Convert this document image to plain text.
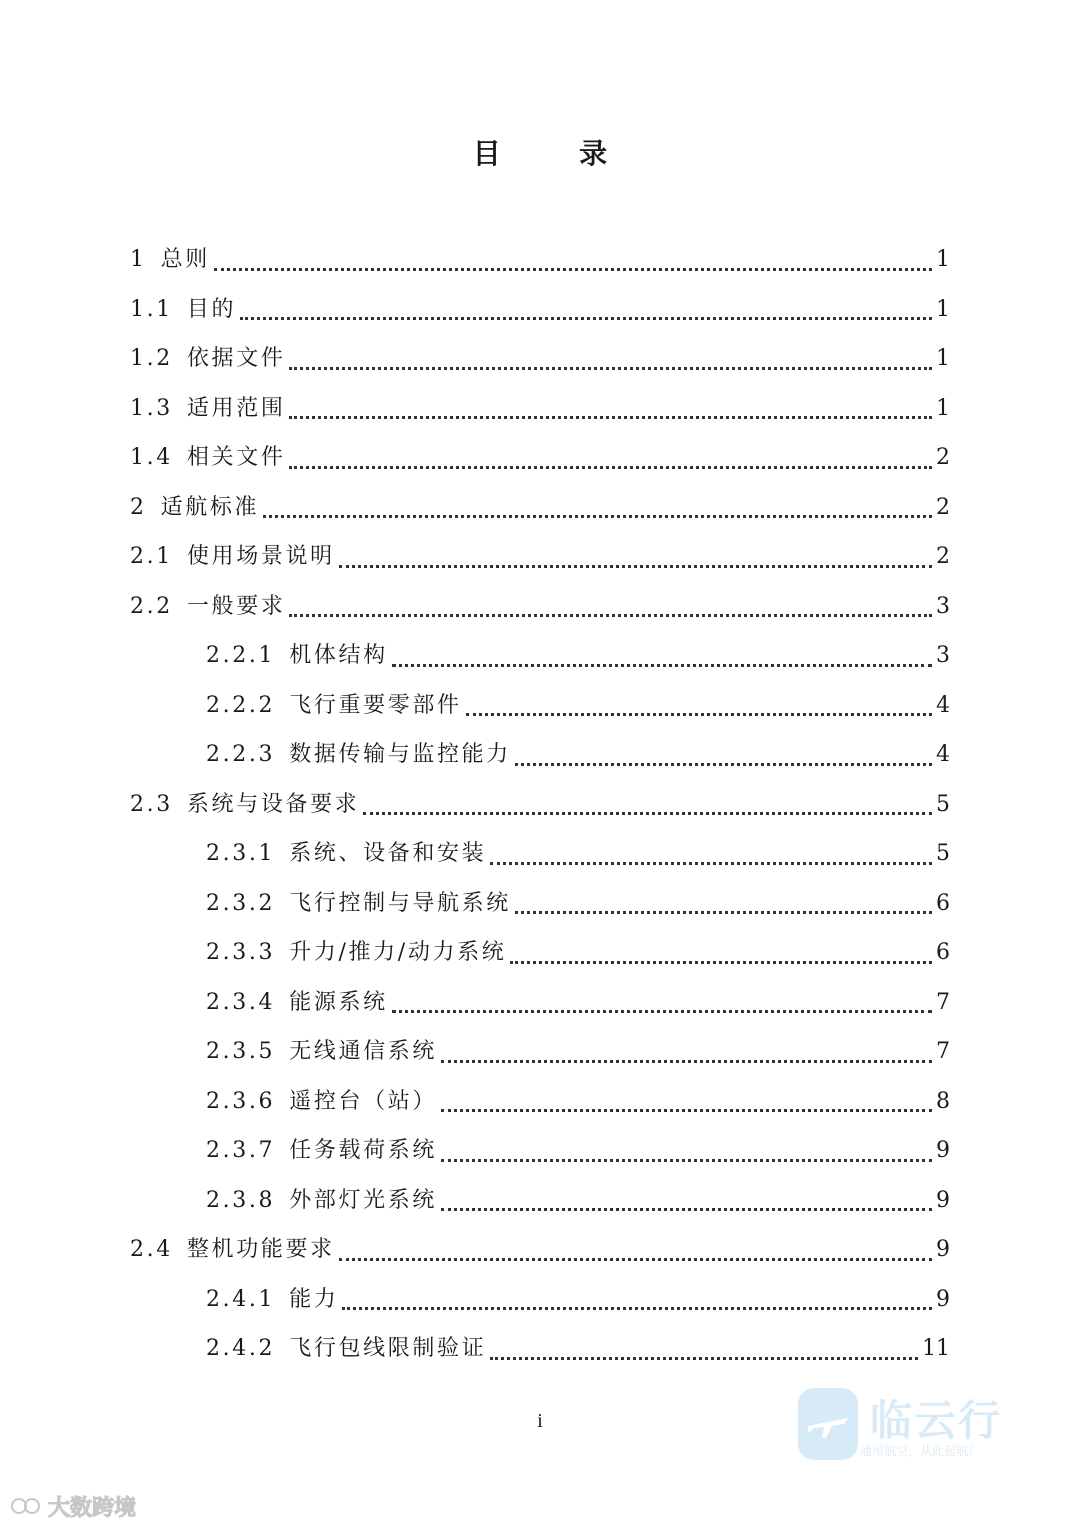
目　录
1 总则	1
1.1 目的	1
1.2 依据文件	1
1.3 适用范围	1
1.4 相关文件	2
2 适航标准	2
2.1 使用场景说明	2
2.2 一般要求	3
2.2.1 机体结构	3
2.2.2 飞行重要零部件	4
2.2.3 数据传输与监控能力	4
2.3 系统与设备要求	5
2.3.1 系统、设备和安装	5
2.3.2 飞行控制与导航系统	6
2.3.3 升力/推力/动力系统	6
2.3.4 能源系统	7
2.3.5 无线通信系统	7
2.3.6 遥控台（站）	8
2.3.7 任务载荷系统	9
2.3.8 外部灯光系统	9
2.4 整机功能要求	9
2.4.1 能力	9
2.4.2 飞行包线限制验证	11
i	临云行
通用航空，从此起航！
大数跨境
